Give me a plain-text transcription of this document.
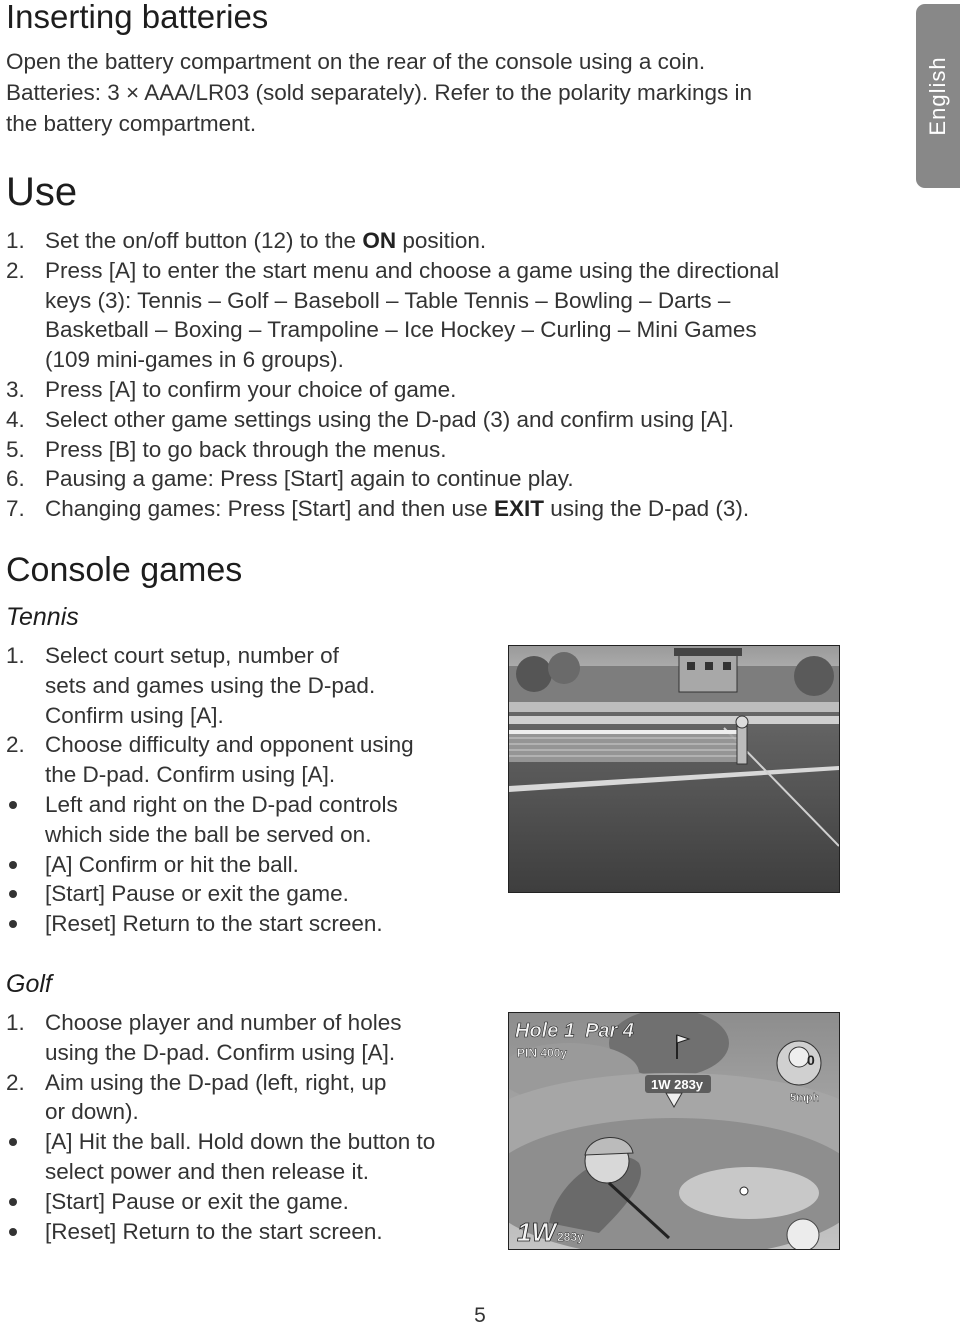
English
Inserting batteries
Open the battery compartment on the rear of the console using a coin.
Batteries: 3 × AAA/LR03 (sold separately). Refer to the polarity markings in
the battery compartment.
Use
1. Set the on/off button (12) to the ON position.
2. Press [A] to enter the start menu and choose a game using the directional
keys (3): Tennis – Golf – Baseboll – Table Tennis – Bowling – Darts –
Basketball – Boxing – Trampoline – Ice Hockey – Curling – Mini Games
(109 mini-games in 6 groups).
3. Press [A] to confirm your choice of game.
4. Select other game settings using the D-pad (3) and confirm using [A].
5. Press [B] to go back through the menus.
6. Pausing a game: Press [Start] again to continue play.
7. Changing games: Press [Start] and then use EXIT using the D-pad (3).
Console games
Tennis
1. Select court setup, number of
sets and games using the D-pad.
Confirm using [A].
2. Choose difficulty and opponent using
the D-pad. Confirm using [A].
Left and right on the D-pad controls
which side the ball be served on.
[A] Confirm or hit the ball.
[Start] Pause or exit the game.
[Reset] Return to the start screen.
Golf
1. Choose player and number of holes
using the D-pad. Confirm using [A].
2. Aim using the D-pad (left, right, up
or down).
[A] Hit the ball. Hold down the button to
select power and then release it.
[Start] Pause or exit the game.
[Reset] Return to the start screen.
Hole 1 Par 4
PIN 400y
1W 283y
5mph
0
1W 283y
5
